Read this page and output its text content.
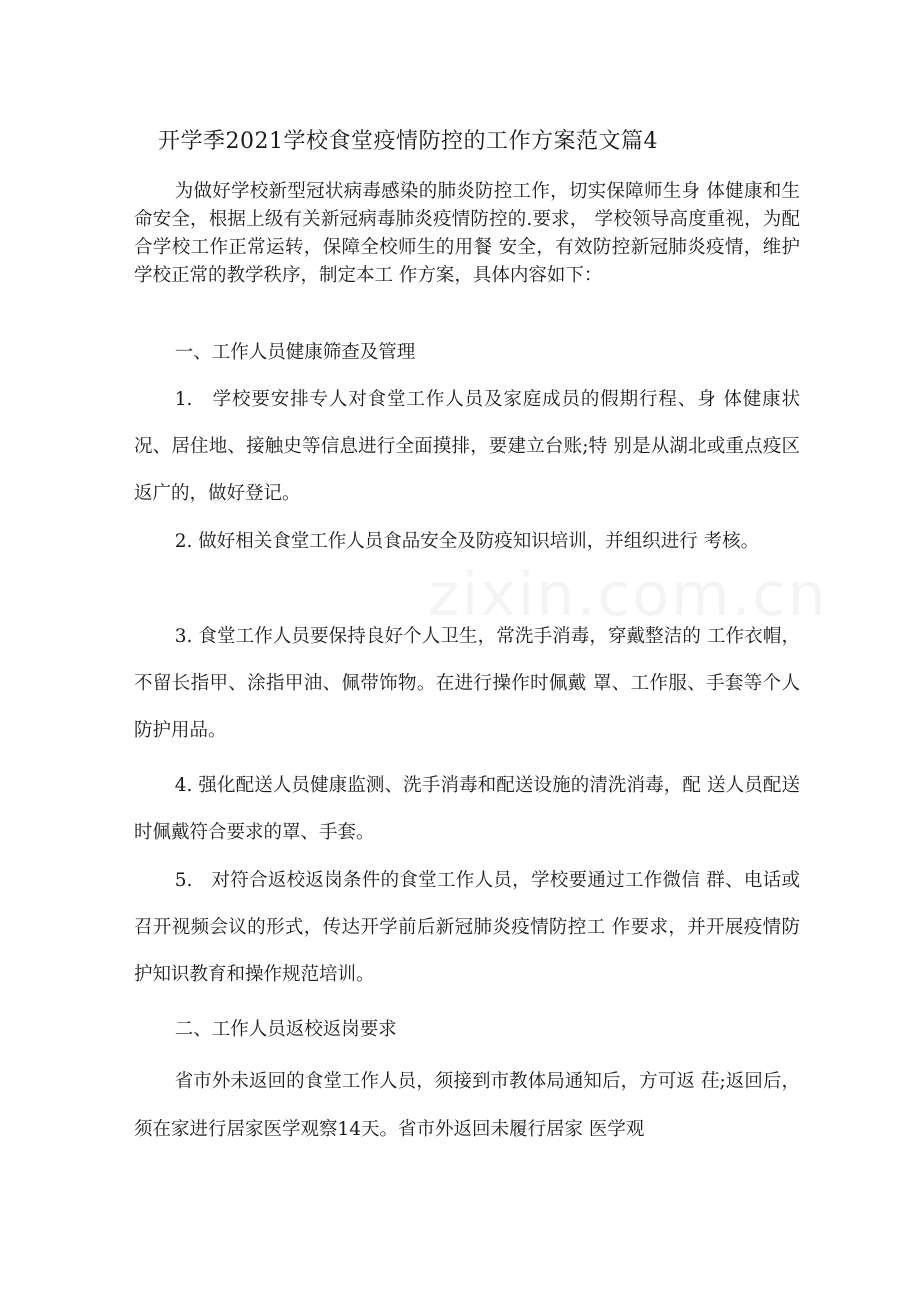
开学季2021学校食堂疫情防控的工作方案范文篇4

为做好学校新型冠状病毒感染的肺炎防控工作，切实保障师生身 体健康和生命安全，根据上级有关新冠病毒肺炎疫情防控的.要求， 学校领导高度重视，为配合学校工作正常运转，保障全校师生的用餐 安全，有效防控新冠肺炎疫情，维护学校正常的教学秩序，制定本工 作方案，具体内容如下：

一、工作人员健康筛查及管理

1.　学校要安排专人对食堂工作人员及家庭成员的假期行程、身 体健康状况、居住地、接触史等信息进行全面摸排，要建立台账;特 别是从湖北或重点疫区返广的，做好登记。

2. 做好相关食堂工作人员食品安全及防疫知识培训，并组织进行 考核。

3. 食堂工作人员要保持良好个人卫生，常洗手消毒，穿戴整洁的 工作衣帽，不留长指甲、涂指甲油、佩带饰物。在进行操作时佩戴 罩、工作服、手套等个人防护用品。

4. 强化配送人员健康监测、洗手消毒和配送设施的清洗消毒，配 送人员配送时佩戴符合要求的罩、手套。

5.　对符合返校返岗条件的食堂工作人员，学校要通过工作微信 群、电话或召开视频会议的形式，传达开学前后新冠肺炎疫情防控工 作要求，并开展疫情防护知识教育和操作规范培训。

二、工作人员返校返岗要求

省市外未返回的食堂工作人员，须接到市教体局通知后，方可返 茌;返回后，须在家进行居家医学观察14天。省市外返回未履行居家 医学观
